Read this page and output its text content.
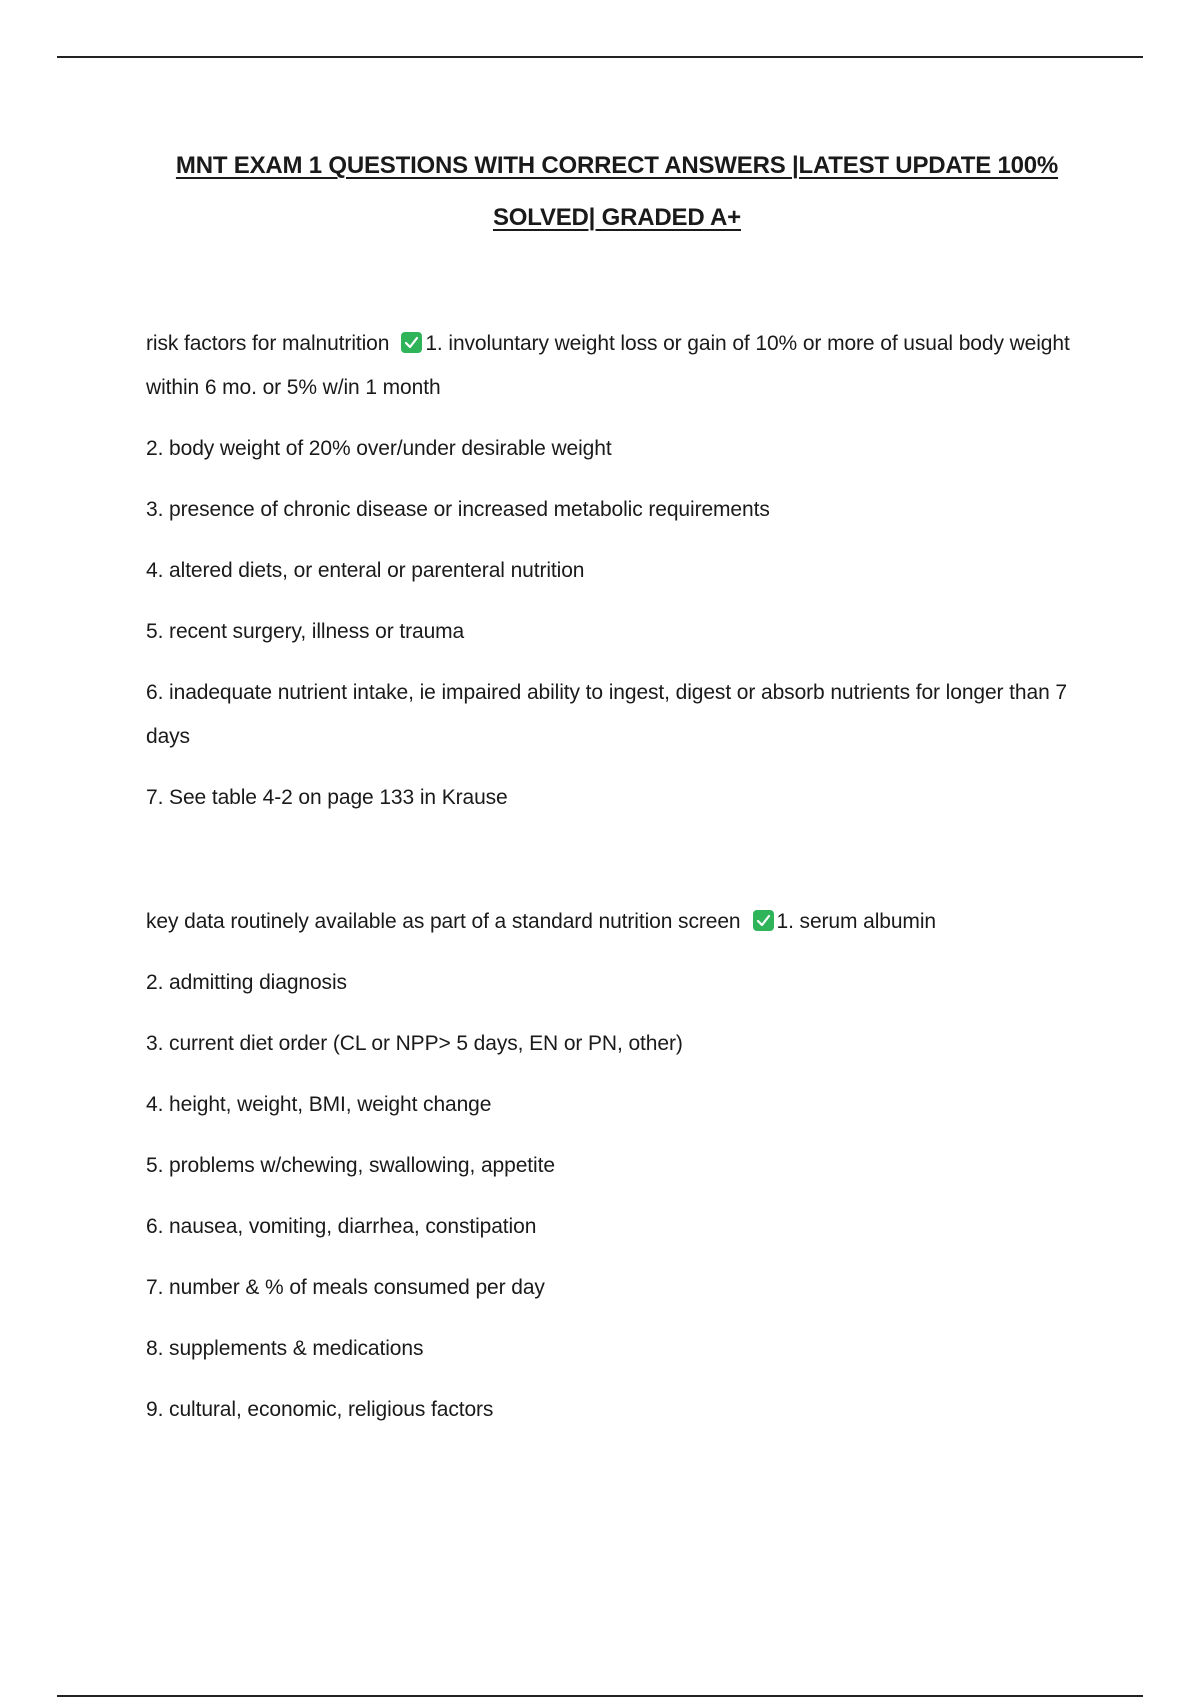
MNT EXAM 1 QUESTIONS WITH CORRECT ANSWERS |LATEST UPDATE 100%
SOLVED| GRADED A+
risk factors for malnutrition 1. involuntary weight loss or gain of 10% or more of usual body weight within 6 mo. or 5% w/in 1 month
2. body weight of 20% over/under desirable weight
3. presence of chronic disease or increased metabolic requirements
4. altered diets, or enteral or parenteral nutrition
5. recent surgery, illness or trauma
6. inadequate nutrient intake, ie impaired ability to ingest, digest or absorb nutrients for longer than 7 days
7. See table 4-2 on page 133 in Krause
key data routinely available as part of a standard nutrition screen 1. serum albumin
2. admitting diagnosis
3. current diet order (CL or NPP> 5 days, EN or PN, other)
4. height, weight, BMI, weight change
5. problems w/chewing, swallowing, appetite
6. nausea, vomiting, diarrhea, constipation
7. number & % of meals consumed per day
8. supplements & medications
9. cultural, economic, religious factors
